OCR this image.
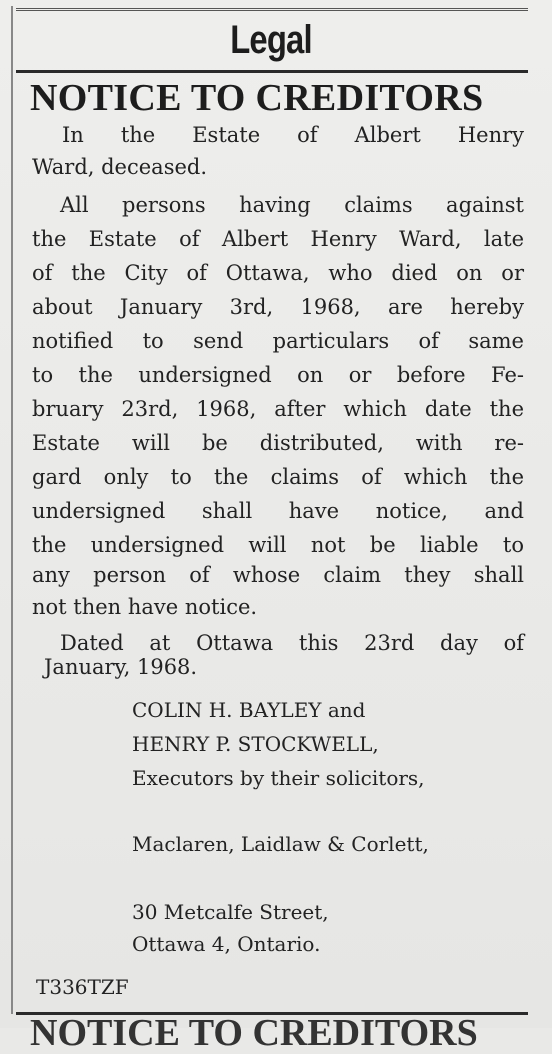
Legal
NOTICE TO CREDITORS
In the Estate of Albert Henry
Ward, deceased.
All persons having claims against
the Estate of Albert Henry Ward, late
of the City of Ottawa, who died on or
about January 3rd, 1968, are hereby
notified to send particulars of same
to the undersigned on or before Fe-
bruary 23rd, 1968, after which date the
Estate will be distributed, with re-
gard only to the claims of which the
undersigned shall have notice, and
the undersigned will not be liable to
any person of whose claim they shall
not then have notice.
Dated at Ottawa this 23rd day of
January, 1968.
COLIN H. BAYLEY and
HENRY P. STOCKWELL,
Executors by their solicitors,
Maclaren, Laidlaw & Corlett,
30 Metcalfe Street,
Ottawa 4, Ontario.
T336TZF
NOTICE TO CREDITORS
